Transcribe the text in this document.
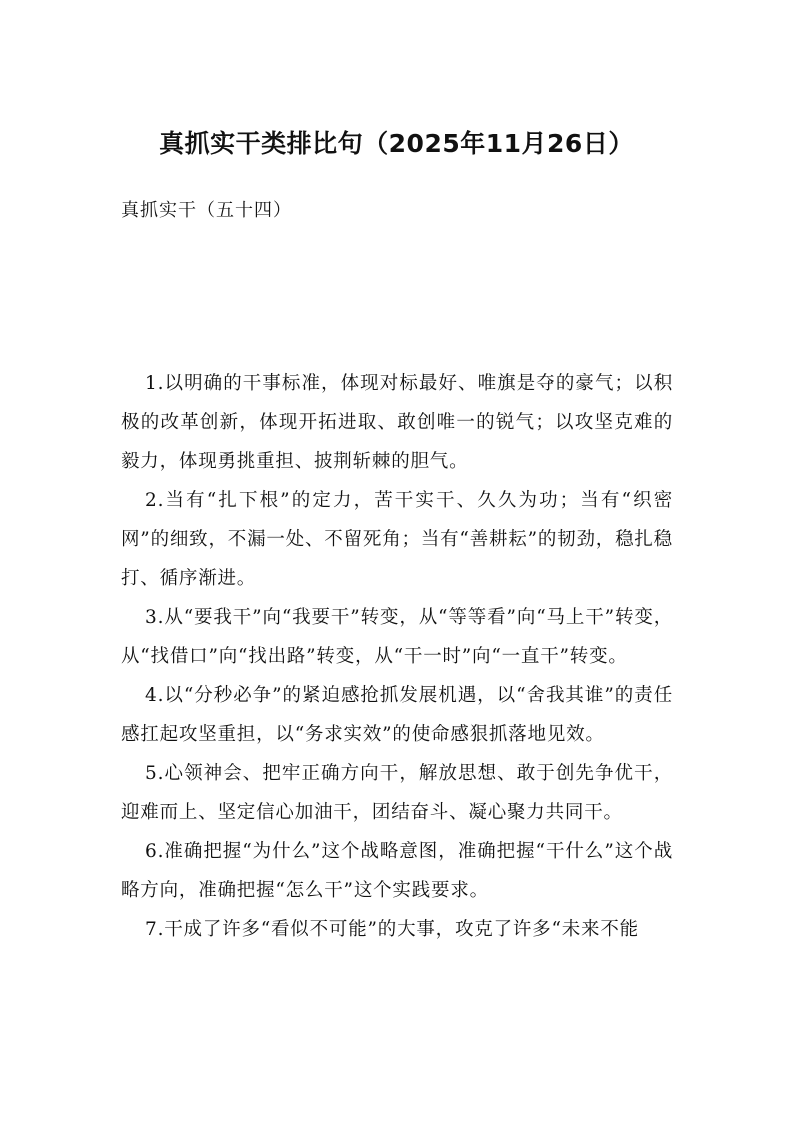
真抓实干类排比句（2025年11月26日）
真抓实干（五十四）

1.以明确的干事标准，体现对标最好、唯旗是夺的豪气；以积极的改革创新，体现开拓进取、敢创唯一的锐气；以攻坚克难的毅力，体现勇挑重担、披荆斩棘的胆气。

2.当有“扎下根”的定力，苦干实干、久久为功；当有“织密网”的细致，不漏一处、不留死角；当有“善耕耘”的韧劲，稳扎稳打、循序渐进。

3.从“要我干”向“我要干”转变，从“等等看”向“马上干”转变，从“找借口”向“找出路”转变，从“干一时”向“一直干”转变。

4.以“分秒必争”的紧迫感抢抓发展机遇，以“舍我其谁”的责任感扛起攻坚重担，以“务求实效”的使命感狠抓落地见效。

5.心领神会、把牢正确方向干，解放思想、敢于创先争优干，迎难而上、坚定信心加油干，团结奋斗、凝心聚力共同干。

6.准确把握“为什么”这个战略意图，准确把握“干什么”这个战略方向，准确把握“怎么干”这个实践要求。

7.干成了许多“看似不可能”的大事，攻克了许多“未来不能
